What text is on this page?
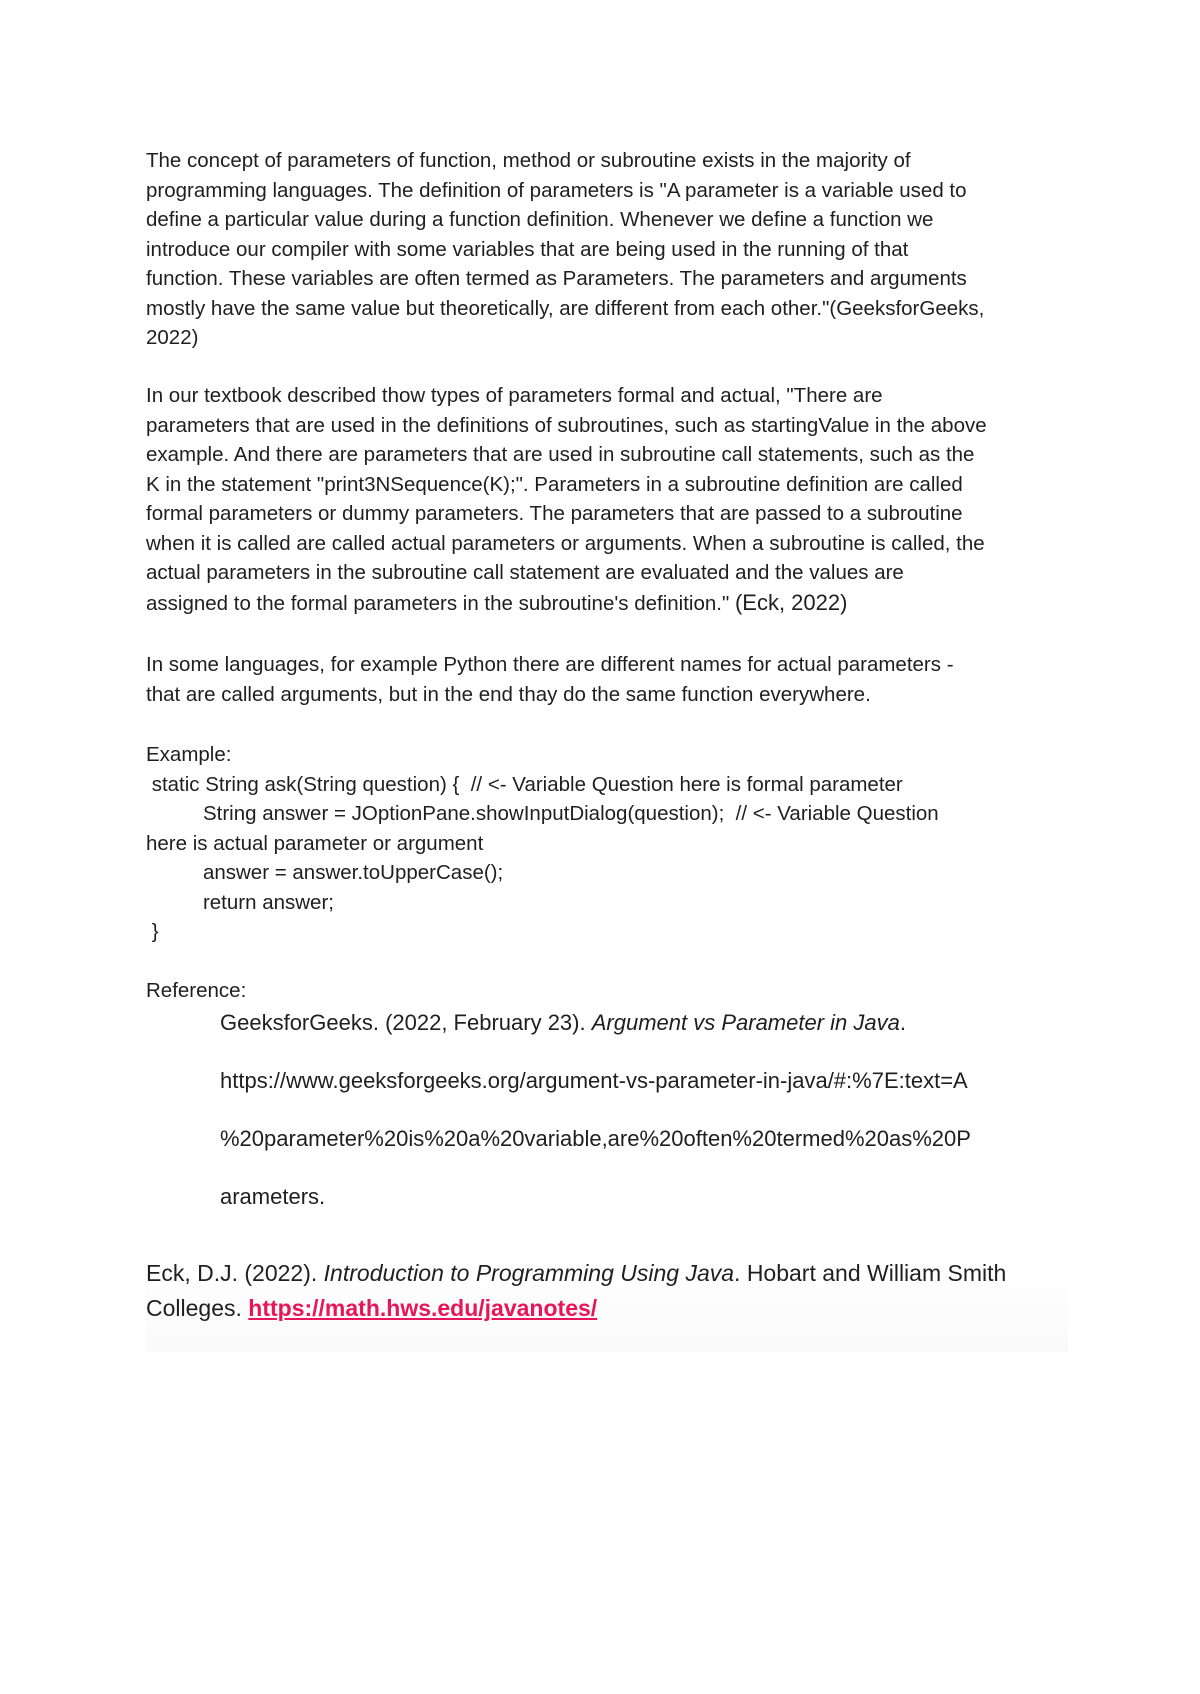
The concept of parameters of function, method or subroutine exists in the majority of
programming languages. The definition of parameters is "A parameter is a variable used to
define a particular value during a function definition. Whenever we define a function we
introduce our compiler with some variables that are being used in the running of that
function. These variables are often termed as Parameters. The parameters and arguments
mostly have the same value but theoretically, are different from each other."(GeeksforGeeks,
2022)
In our textbook described thow types of parameters formal and actual, "There are
parameters that are used in the definitions of subroutines, such as startingValue in the above
example. And there are parameters that are used in subroutine call statements, such as the
K in the statement "print3NSequence(K);". Parameters in a subroutine definition are called
formal parameters or dummy parameters. The parameters that are passed to a subroutine
when it is called are called actual parameters or arguments. When a subroutine is called, the
actual parameters in the subroutine call statement are evaluated and the values are
assigned to the formal parameters in the subroutine's definition." (Eck, 2022)
In some languages, for example Python there are different names for actual parameters -
that are called arguments, but in the end thay do the same function everywhere.
Example:
static String ask(String question) {  // <- Variable Question here is formal parameter
String answer = JOptionPane.showInputDialog(question);  // <- Variable Question
here is actual parameter or argument
answer = answer.toUpperCase();
return answer;
}
Reference:
GeeksforGeeks. (2022, February 23). Argument vs Parameter in Java.
https://www.geeksforgeeks.org/argument-vs-parameter-in-java/#:%7E:text=A
%20parameter%20is%20a%20variable,are%20often%20termed%20as%20P
arameters.
Eck, D.J. (2022). Introduction to Programming Using Java. Hobart and William Smith
Colleges. https://math.hws.edu/javanotes/
